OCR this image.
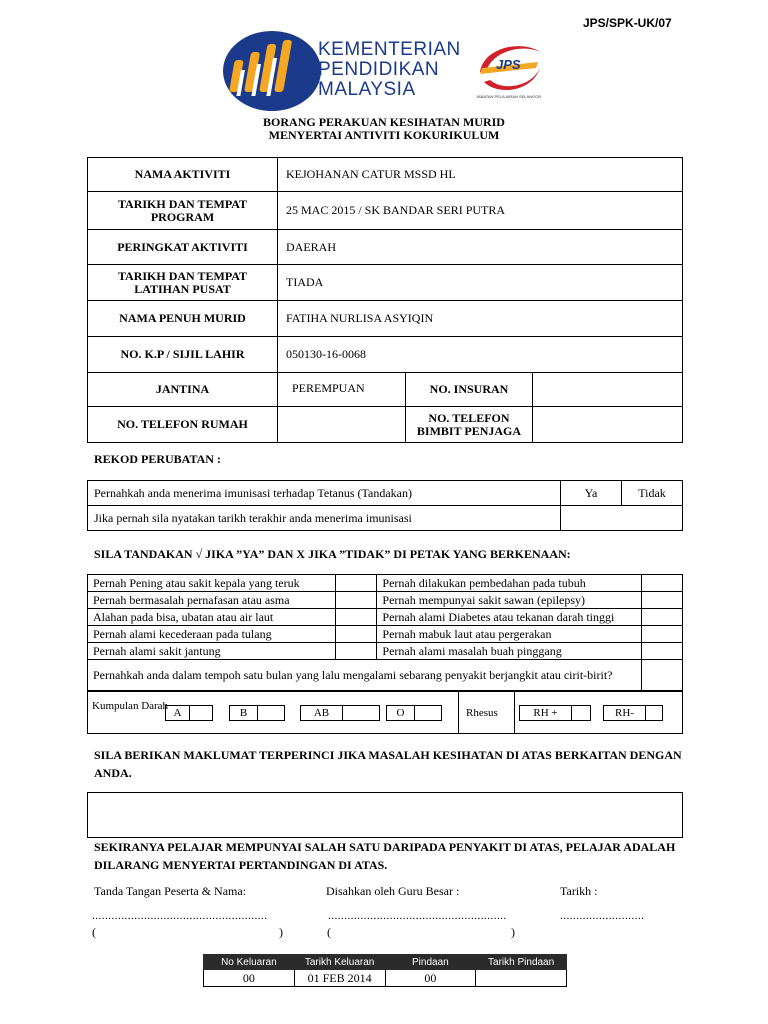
JPS/SPK-UK/07
KEMENTERIAN
PENDIDIKAN
MALAYSIA
JPS
JABATAN PELAJARAN SELANGOR
BORANG PERAKUAN KESIHATAN MURID
MENYERTAI ANTIVITI KOKURIKULUM
NAMA AKTIVITI	KEJOHANAN CATUR MSSD HL		
TARIKH DAN TEMPAT PROGRAM	25 MAC 2015 / SK BANDAR SERI PUTRA		
PERINGKAT AKTIVITI	DAERAH		
TARIKH DAN TEMPAT LATIHAN PUSAT	TIADA		
NAMA PENUH MURID	FATIHA NURLISA ASYIQIN		
NO. K.P / SIJIL LAHIR	050130-16-0068		
JANTINA	PEREMPUAN	NO. INSURAN	
NO. TELEFON RUMAH		NO. TELEFON BIMBIT PENJAGA	
REKOD PERUBATAN :
Pernahkah anda menerima imunisasi terhadap Tetanus (Tandakan)	Ya	Tidak
Jika pernah sila nyatakan tarikh terakhir anda menerima imunisasi		
SILA TANDAKAN √ JIKA ”YA” DAN X JIKA ”TIDAK” DI PETAK YANG BERKENAAN:
Pernah Pening atau sakit kepala yang teruk		Pernah dilakukan pembedahan pada tubuh	
Pernah bermasalah pernafasan atau asma		Pernah mempunyai sakit sawan (epilepsy)	
Alahan pada bisa, ubatan atau air laut		Pernah alami Diabetes atau tekanan darah tinggi	
Pernah alami kecederaan pada tulang		Pernah mabuk laut atau pergerakan	
Pernah alami sakit jantung		Pernah alami masalah buah pinggang	
Pernahkah anda dalam tempoh satu bulan yang lalu mengalami sebarang penyakit berjangkit atau cirit-birit?			
Kumpulan Darah
A	B	AB	O	Rhesus	RH +	RH-
SILA BERIKAN MAKLUMAT TERPERINCI JIKA MASALAH KESIHATAN DI ATAS BERKAITAN DENGAN ANDA.
SEKIRANYA PELAJAR MEMPUNYAI SALAH SATU DARIPADA PENYAKIT DI ATAS, PELAJAR ADALAH DILARANG MENYERTAI PERTANDINGAN DI ATAS.
Tanda Tangan Peserta & Nama:	Disahkan oleh Guru Besar :	Tarikh :
......................................................	.......................................................	..........................
(	)	(	)
No Keluaran	Tarikh Keluaran	Pindaan	Tarikh Pindaan
00	01 FEB 2014	00	
